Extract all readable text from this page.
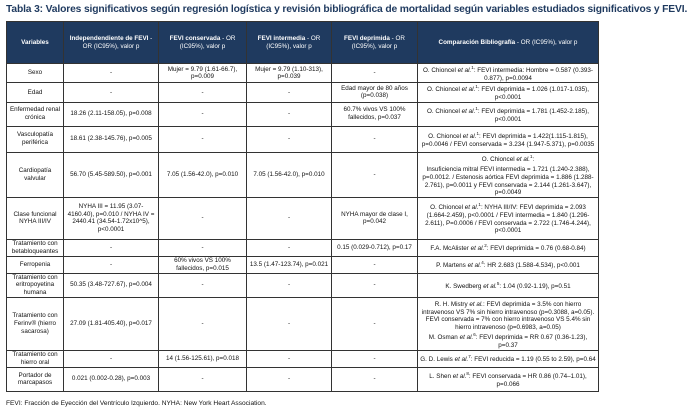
Tabla 3: Valores significativos según regresión logística y revisión bibliográfica de mortalidad según variables estudiados significativos y FEVI.
Variables	Independendiente de FEVI - OR (IC95%), valor p	FEVI conservada - OR (IC95%), valor p	FEVI intermedia - OR (IC95%), valor p	FEVI deprimida - OR (IC95%), valor p	Comparación Bibliografía - OR (IC95%), valor p
Sexo	-	Mujer = 9.79 (1.61-66.7), p=0.009	Mujer = 9.79 (1.10-313), p=0.039	-	O. Chioncel et al.$^1$: FEVI intermedia: Hombre = 0.587 (0.393-0.877), p=0.0094

Edad	-	-	-	Edad mayor de 80 años (p=0.038)	O. Chioncel et al.$^1$: FEVI deprimida = 1.026 (1.017-1.035), p<0.0001

Enfermedad renal crónica	18.26 (2.11-158.05), p=0.008	-	-	60.7% vivos VS 100% fallecidos, p=0.037	O. Chioncel et al.$^1$: FEVI deprimida = 1.781 (1.452-2.185), p<0.0001

Vasculopatía periférica	18.61 (2.38-145.76), p=0.005	-	-	-	O. Chioncel et al.$^1$: FEVI deprimida = 1.422(1.115-1.815), p=0.0046 / FEVI conservada = 3.234 (1.947-5.371), p=0.0035

Cardiopatía valvular	56.70 (5.45-589.50), p=0.001	7.05 (1.56-42.0), p=0.010	7.05 (1.56-42.0), p=0.010	-	O. Chioncel et al.$^1$:
Insuficiencia mitral FEVI intermedia = 1.721 (1.240-2.388), p=0.0012. / Estenosis aórtica FEVI deprimida = 1.886 (1.288-2.761), p=0.0011 y FEVI conservada = 2.144 (1.261-3.647), p=0.0049

Clase funcional NYHA III/IV	NYHA III = 11.95 (3.07-4160.40), p=0.010 / NYHA IV = 2440.41 (34.54-1.72x10^5), p<0.0001	-	-	NYHA mayor de clase I, p=0.042	O. Chioncel et al.$^1$: NYHA III/IV: FEVI deprimida = 2.093 (1.664-2.459), p<0.0001 / FEVI intermedia = 1.840 (1.296-2.611), P=0.0006 / FEVI conservada = 2.722 (1.746-4.244), p<0.0001

Tratamiento con betabloqueantes	-	-	-	0.15 (0.029-0.712), p=0.17	F.A. McAlister et al.$^2$: FEVI deprimida = 0.76 (0.68-0.84)

Ferropenia	-	60% vivos VS 100% fallecidos, p=0.015	13.5 (1.47-123.74), p=0.021	-	P. Martens et al.$^4$: HR 2.683 (1.588-4.534), p<0.001

Tratamiento con eritropoyetina humana	50.35 (3.48-727.67), p=0.004	-	-	-	K. Swedberg et al.$^5$: 1.04 (0.92-1.19), p=0.51

Tratamiento con Ferinv® (hierro sacarosa)	27.09 (1.81-405.40), p=0.017	-	-	-	R. H. Mistry et al.: FEVI deprimida = 3.5% con hierro intravenoso VS 7% sin hierro intravenoso (p=0.3088, a=0.05). FEVI conservada = 7% con hierro intravenoso VS 5.4% sin hierro intravenoso (p=0.6983, a=0.05)
M. Osman et al.$^6$: FEVI deprimida = RR 0.67 (0.36-1.23), p=0.37

Tratamiento con hierro oral	-	14 (1.56-125.61), p=0.018	-	-	G. D. Lewis et al.$^7$: FEVI reducida = 1.19 (0.55 to 2.59), p=0.64

Portador de marcapasos	0.021 (0.002-0.28), p=0.003	-	-	-	L. Shen et al.$^8$: FEVI conservada = HR 0.86 (0.74–1.01), p=0.066
FEVI: Fracción de Eyección del Ventrículo Izquierdo. NYHA: New York Heart Association.
